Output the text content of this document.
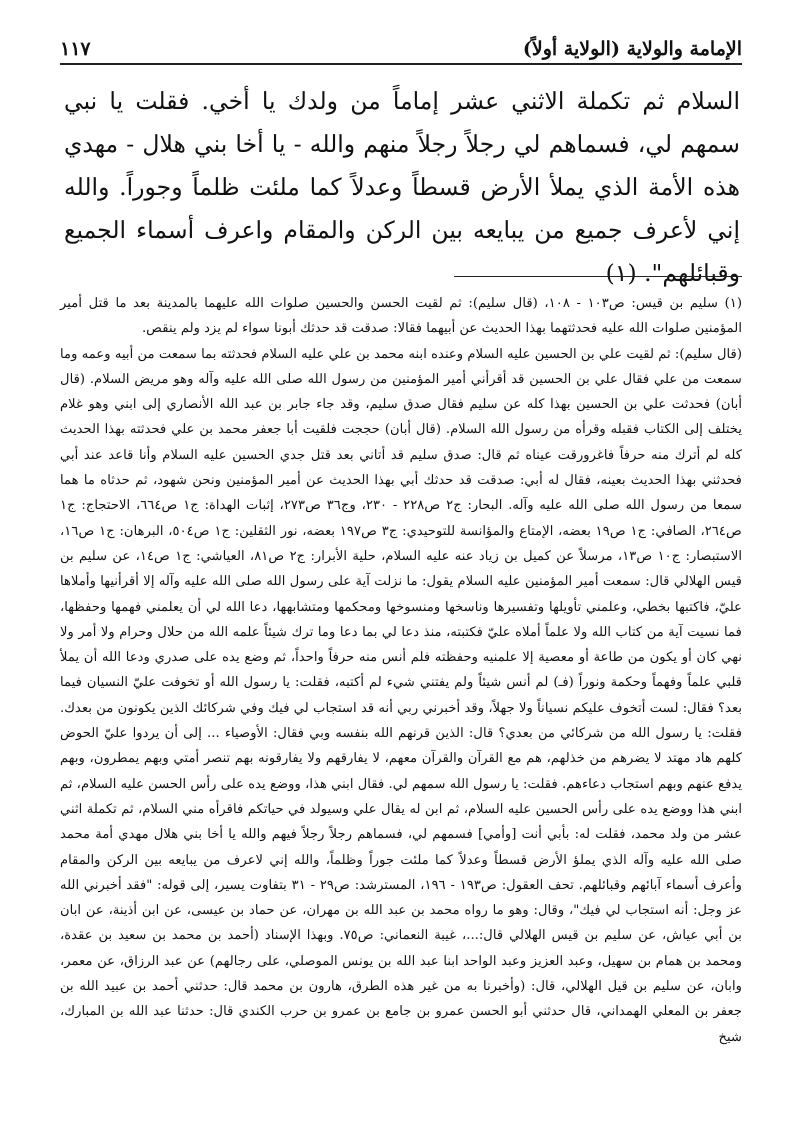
الإمامة والولاية (الولاية أولاً)
١١٧

السلام ثم تكملة الاثني عشر إماماً من ولدك يا أخي. فقلت يا نبي سمهم لي، فسماهم لي رجلاً رجلاً منهم والله - يا أخا بني هلال - مهدي هذه الأمة الذي يملأ الأرض قسطاً وعدلاً كما ملئت ظلماً وجوراً. والله إني لأعرف جميع من يبايعه بين الركن والمقام واعرف أسماء الجميع وقبائلهم". (١)

(١) سليم بن قيس: ص١٠٣ - ١٠٨، (قال سليم): ثم لقيت الحسن والحسين صلوات الله عليهما بالمدينة بعد ما قتل أمير المؤمنين صلوات الله عليه فحدثتهما بهذا الحديث عن أبيهما فقالا: صدقت قد حدثك أبونا سواء لم يزد ولم ينقص.

(قال سليم): ثم لقيت علي بن الحسين عليه السلام وعنده ابنه محمد بن علي عليه السلام فحدثته بما سمعت من أبيه وعمه وما سمعت من علي فقال علي بن الحسين قد أقرأني أمير المؤمنين من رسول الله صلى الله عليه وآله وهو مريض السلام. (قال أبان) فحدثت علي بن الحسين بهذا كله عن سليم فقال صدق سليم، وقد جاء جابر بن عبد الله الأنصاري إلى ابني وهو غلام يختلف إلى الكتاب فقبله وقرأه من رسول الله السلام. (قال أبان) حججت فلقيت أبا جعفر محمد بن علي فحدثته بهذا الحديث كله لم أترك منه حرفاً فاغرورقت عيناه ثم قال: صدق سليم قد أتاني بعد قتل جدي الحسين عليه السلام وأنا قاعد عند أبي فحدثني بهذا الحديث بعينه، فقال له أبي: صدقت قد حدثك أبي بهذا الحديث عن أمير المؤمنين ونحن شهود، ثم حدثاه ما هما سمعا من رسول الله صلى الله عليه وآله. البحار: ج٢ ص٢٢٨ - ٢٣٠، وج٣٦ ص٢٧٣، إثبات الهداة: ج١ ص٦٦٤، الاحتجاج: ج١ ص٢٦٤، الصافي: ج١ ص١٩ بعضه، الإمتاع والمؤانسة للتوحيدي: ج٣ ص١٩٧ بعضه، نور الثقلين: ج١ ص٥٠٤، البرهان: ج١ ص١٦، الاستبصار: ج١٠ ص١٣، مرسلاً عن كميل بن زياد عنه عليه السلام، حلية الأبرار: ج٢ ص٨١، العياشي: ج١ ص١٤، عن سليم بن قيس الهلالي قال: سمعت أمير المؤمنين عليه السلام يقول: ما نزلت آية على رسول الله صلى الله عليه وآله إلا أقرأنيها وأملاها عليّ، فاكتبها بخطي، وعلمني تأويلها وتفسيرها وناسخها ومنسوخها ومحكمها ومتشابهها، دعا الله لي أن يعلمني فهمها وحفظها، فما نسيت آية من كتاب الله ولا علماً أملاه عليّ فكتبته، منذ دعا لي بما دعا وما ترك شيئاً علمه الله من حلال وحرام ولا أمر ولا نهي كان أو يكون من طاعة أو معصية إلا علمنيه وحفظته فلم أنس منه حرفاً واحداً، ثم وضع يده على صدري ودعا الله أن يملأ قلبي علماً وفهماً وحكمة ونوراً (فـ) لم أنس شيئاً ولم يفتني شيء لم أكتبه، فقلت: يا رسول الله أو تخوفت عليّ النسيان فيما بعد؟ فقال: لست أتخوف عليكم نسياناً ولا جهلاً، وقد أخبرني ربي أنه قد استجاب لي فيك وفي شركائك الذين يكونون من بعدك. فقلت: يا رسول الله من شركائي من بعدي؟ قال: الذين قرنهم الله بنفسه وبي فقال: الأوصياء ... إلى أن يردوا عليّ الحوض كلهم هاد مهتد لا يضرهم من خذلهم، هم مع القرآن والقرآن معهم، لا يفارقهم ولا يفارقونه بهم تنصر أمتي وبهم يمطرون، وبهم يدفع عنهم وبهم استجاب دعاءهم. فقلت: يا رسول الله سمهم لي. فقال ابني هذا، ووضع يده على رأس الحسن عليه السلام، ثم ابني هذا ووضع يده على رأس الحسين عليه السلام، ثم ابن له يقال علي وسيولد في حياتكم فاقرأه مني السلام، ثم تكملة اثني عشر من ولد محمد، فقلت له: بأبي أنت [وأمي] فسمهم لي، فسماهم رجلاً رجلاً فيهم والله يا أخا بني هلال مهدي أمة محمد صلى الله عليه وآله الذي يملؤ الأرض قسطاً وعدلاً كما ملئت جوراً وظلماً، والله إني لاعرف من يبايعه بين الركن والمقام وأعرف أسماء آبائهم وقبائلهم. تحف العقول: ص١٩٣ - ١٩٦، المسترشد: ص٢٩ - ٣١ بتفاوت يسير، إلى قوله: "فقد أخبرني الله عز وجل: أنه استجاب لي فيك"، وقال: وهو ما رواه محمد بن عبد الله بن مهران، عن حماد بن عيسى، عن ابن أذينة، عن ابان بن أبي عياش، عن سليم بن قيس الهلالي قال:...، غيبة النعماني: ص٧٥. وبهذا الإسناد (أحمد بن محمد بن سعيد بن عقدة، ومحمد بن همام بن سهيل، وعبد العزيز وعبد الواحد ابنا عبد الله بن يونس الموصلي، على رجالهم) عن عبد الرزاق، عن معمر، وابان، عن سليم بن قيل الهلالي، قال: (وأخبرنا به من غير هذه الطرق، هارون بن محمد قال: حدثني أحمد بن عبيد الله بن جعفر بن المعلي الهمداني، قال حدثني أبو الحسن عمرو بن جامع بن عمرو بن حرب الكندي قال: حدثنا عبد الله بن المبارك، شيخ
